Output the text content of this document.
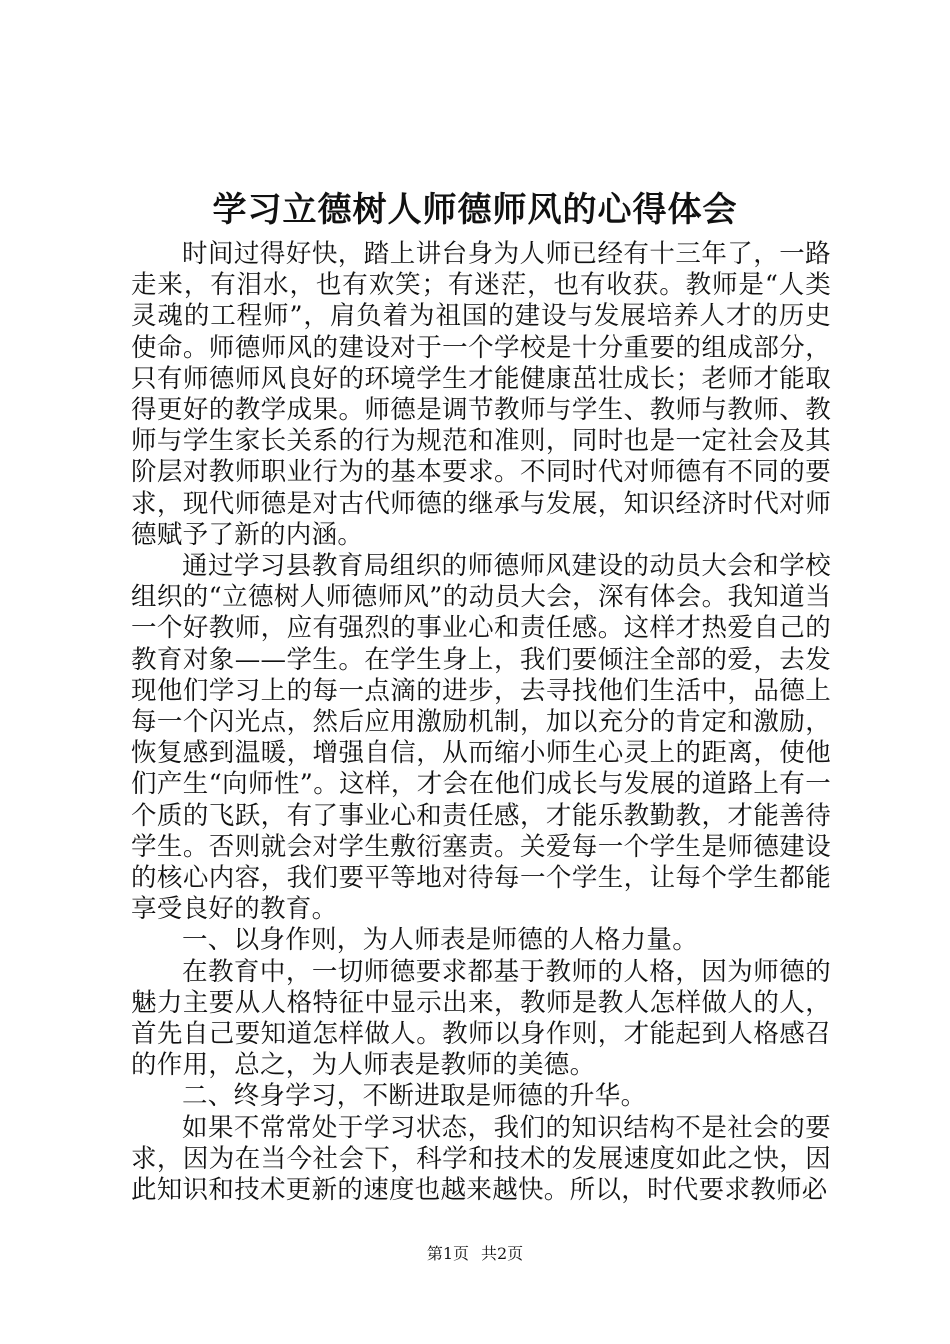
学习立德树人师德师风的心得体会

时间过得好快，踏上讲台身为人师已经有十三年了，一路走来，有泪水，也有欢笑；有迷茫，也有收获。教师是“人类灵魂的工程师”，肩负着为祖国的建设与发展培养人才的历史使命。师德师风的建设对于一个学校是十分重要的组成部分，只有师德师风良好的环境学生才能健康茁壮成长；老师才能取得更好的教学成果。师德是调节教师与学生、教师与教师、教师与学生家长关系的行为规范和准则，同时也是一定社会及其阶层对教师职业行为的基本要求。不同时代对师德有不同的要求，现代师德是对古代师德的继承与发展，知识经济时代对师德赋予了新的内涵。

通过学习县教育局组织的师德师风建设的动员大会和学校组织的“立德树人师德师风”的动员大会，深有体会。我知道当一个好教师，应有强烈的事业心和责任感。这样才热爱自己的教育对象——学生。在学生身上，我们要倾注全部的爱，去发现他们学习上的每一点滴的进步，去寻找他们生活中，品德上每一个闪光点，然后应用激励机制，加以充分的肯定和激励，恢复感到温暖，增强自信，从而缩小师生心灵上的距离，使他们产生“向师性”。这样，才会在他们成长与发展的道路上有一个质的飞跃，有了事业心和责任感，才能乐教勤教，才能善待学生。否则就会对学生敷衍塞责。关爱每一个学生是师德建设的核心内容，我们要平等地对待每一个学生，让每个学生都能享受良好的教育。

一、以身作则，为人师表是师德的人格力量。

在教育中，一切师德要求都基于教师的人格，因为师德的魅力主要从人格特征中显示出来，教师是教人怎样做人的人，首先自己要知道怎样做人。教师以身作则，才能起到人格感召的作用，总之，为人师表是教师的美德。

二、终身学习，不断进取是师德的升华。

如果不常常处于学习状态，我们的知识结构不是社会的要求，因为在当今社会下，科学和技术的发展速度如此之快，因此知识和技术更新的速度也越来越快。所以，时代要求教师必

第1页 共2页
